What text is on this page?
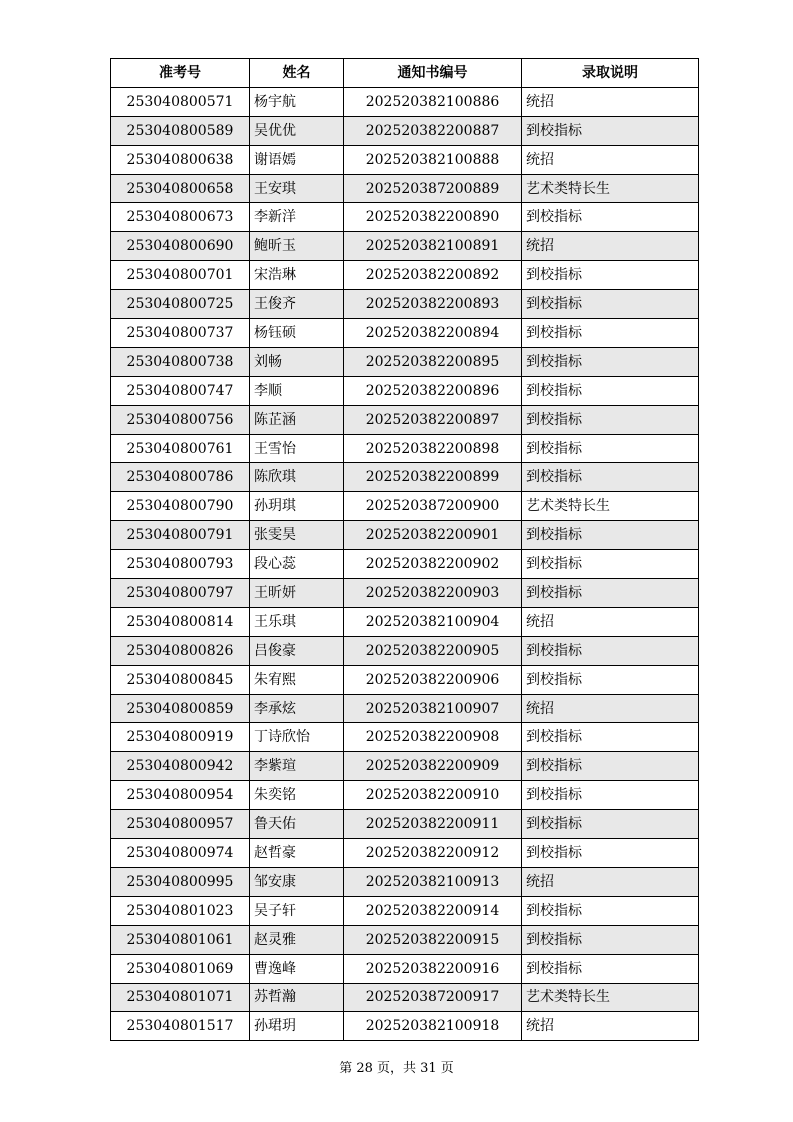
准考号	姓名	通知书编号	录取说明
253040800571	杨宇航	202520382100886	统招
253040800589	吴优优	202520382200887	到校指标
253040800638	谢语嫣	202520382100888	统招
253040800658	王安琪	202520387200889	艺术类特长生
253040800673	李新洋	202520382200890	到校指标
253040800690	鲍昕玉	202520382100891	统招
253040800701	宋浩琳	202520382200892	到校指标
253040800725	王俊齐	202520382200893	到校指标
253040800737	杨钰硕	202520382200894	到校指标
253040800738	刘畅	202520382200895	到校指标
253040800747	李顺	202520382200896	到校指标
253040800756	陈芷涵	202520382200897	到校指标
253040800761	王雪怡	202520382200898	到校指标
253040800786	陈欣琪	202520382200899	到校指标
253040800790	孙玥琪	202520387200900	艺术类特长生
253040800791	张雯昊	202520382200901	到校指标
253040800793	段心蕊	202520382200902	到校指标
253040800797	王昕妍	202520382200903	到校指标
253040800814	王乐琪	202520382100904	统招
253040800826	吕俊豪	202520382200905	到校指标
253040800845	朱宥熙	202520382200906	到校指标
253040800859	李承炫	202520382100907	统招
253040800919	丁诗欣怡	202520382200908	到校指标
253040800942	李紫瑄	202520382200909	到校指标
253040800954	朱奕铭	202520382200910	到校指标
253040800957	鲁天佑	202520382200911	到校指标
253040800974	赵哲豪	202520382200912	到校指标
253040800995	邹安康	202520382100913	统招
253040801023	吴子轩	202520382200914	到校指标
253040801061	赵灵雅	202520382200915	到校指标
253040801069	曹逸峰	202520382200916	到校指标
253040801071	苏哲瀚	202520387200917	艺术类特长生
253040801517	孙珺玥	202520382100918	统招
第 28 页，共 31 页
